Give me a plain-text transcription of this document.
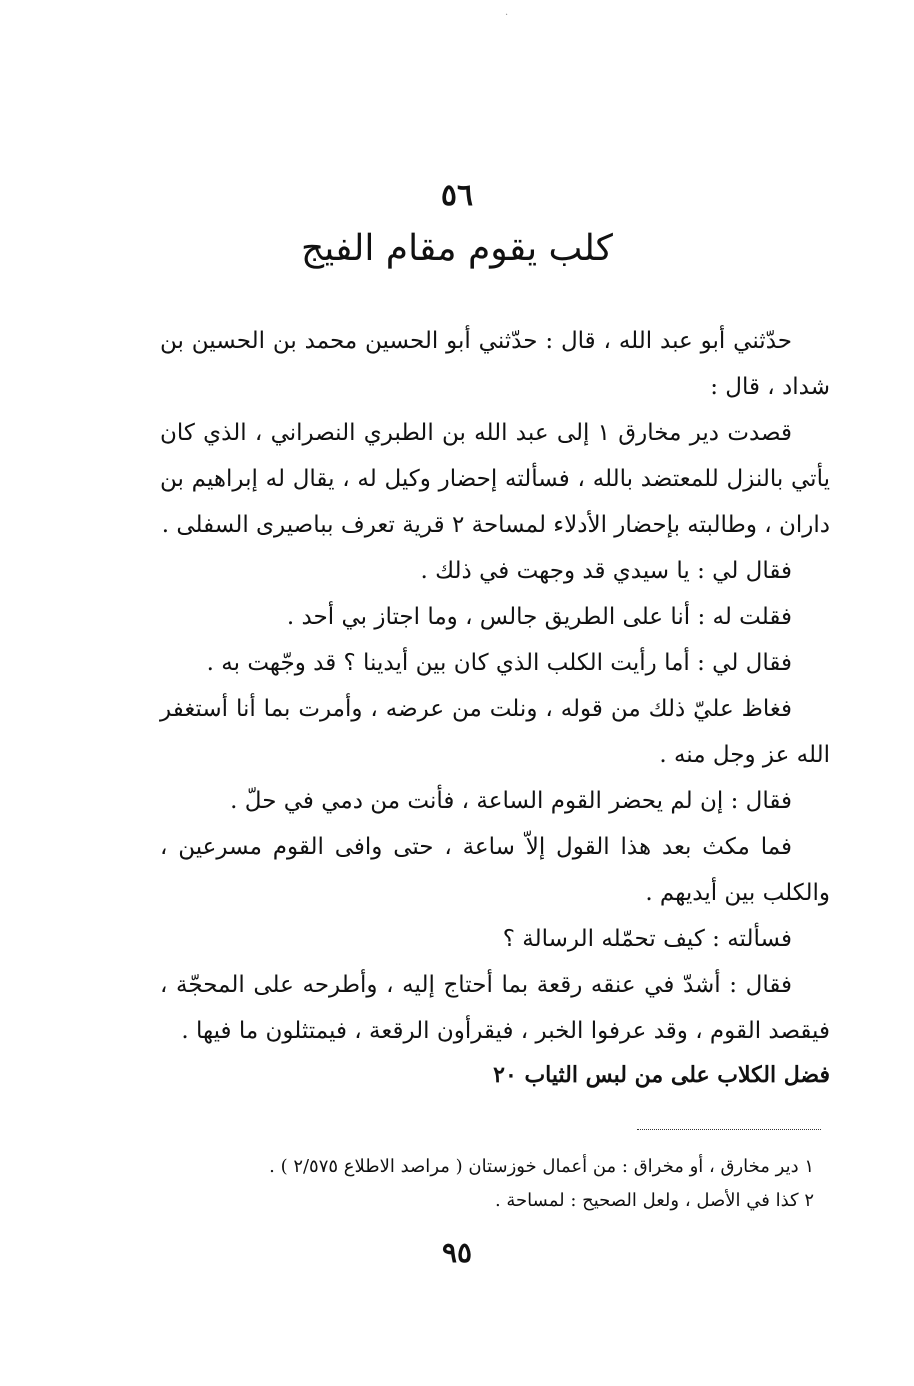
·
٥٦
كلب يقوم مقام الفيج

حدّثني أبو عبد الله ، قال : حدّثني أبو الحسين محمد بن الحسين بن شداد ، قال :

قصدت دير مخارق ١ إلى عبد الله بن الطبري النصراني ، الذي كان يأتي بالنزل للمعتضد بالله ، فسألته إحضار وكيل له ، يقال له إبراهيم بن داران ، وطالبته بإحضار الأدلاء لمساحة ٢ قرية تعرف بباصيرى السفلى .

فقال لي : يا سيدي قد وجهت في ذلك .

فقلت له : أنا على الطريق جالس ، وما اجتاز بي أحد .

فقال لي : أما رأيت الكلب الذي كان بين أيدينا ؟ قد وجّهت به .

فغاظ عليّ ذلك من قوله ، ونلت من عرضه ، وأمرت بما أنا أستغفر الله عز وجل منه .

فقال : إن لم يحضر القوم الساعة ، فأنت من دمي في حلّ .

فما مكث بعد هذا القول إلاّ ساعة ، حتى وافى القوم مسرعين ، والكلب بين أيديهم .

فسألته : كيف تحمّله الرسالة ؟

فقال : أشدّ في عنقه رقعة بما أحتاج إليه ، وأطرحه على المحجّة ، فيقصد القوم ، وقد عرفوا الخبر ، فيقرأون الرقعة ، فيمتثلون ما فيها .

فضل الكلاب على من لبس الثياب ٢٠
١ دير مخارق ، أو مخراق : من أعمال خوزستان ( مراصد الاطلاع ٢/٥٧٥ ) .
٢ كذا في الأصل ، ولعل الصحيح : لمساحة .
٩٥
